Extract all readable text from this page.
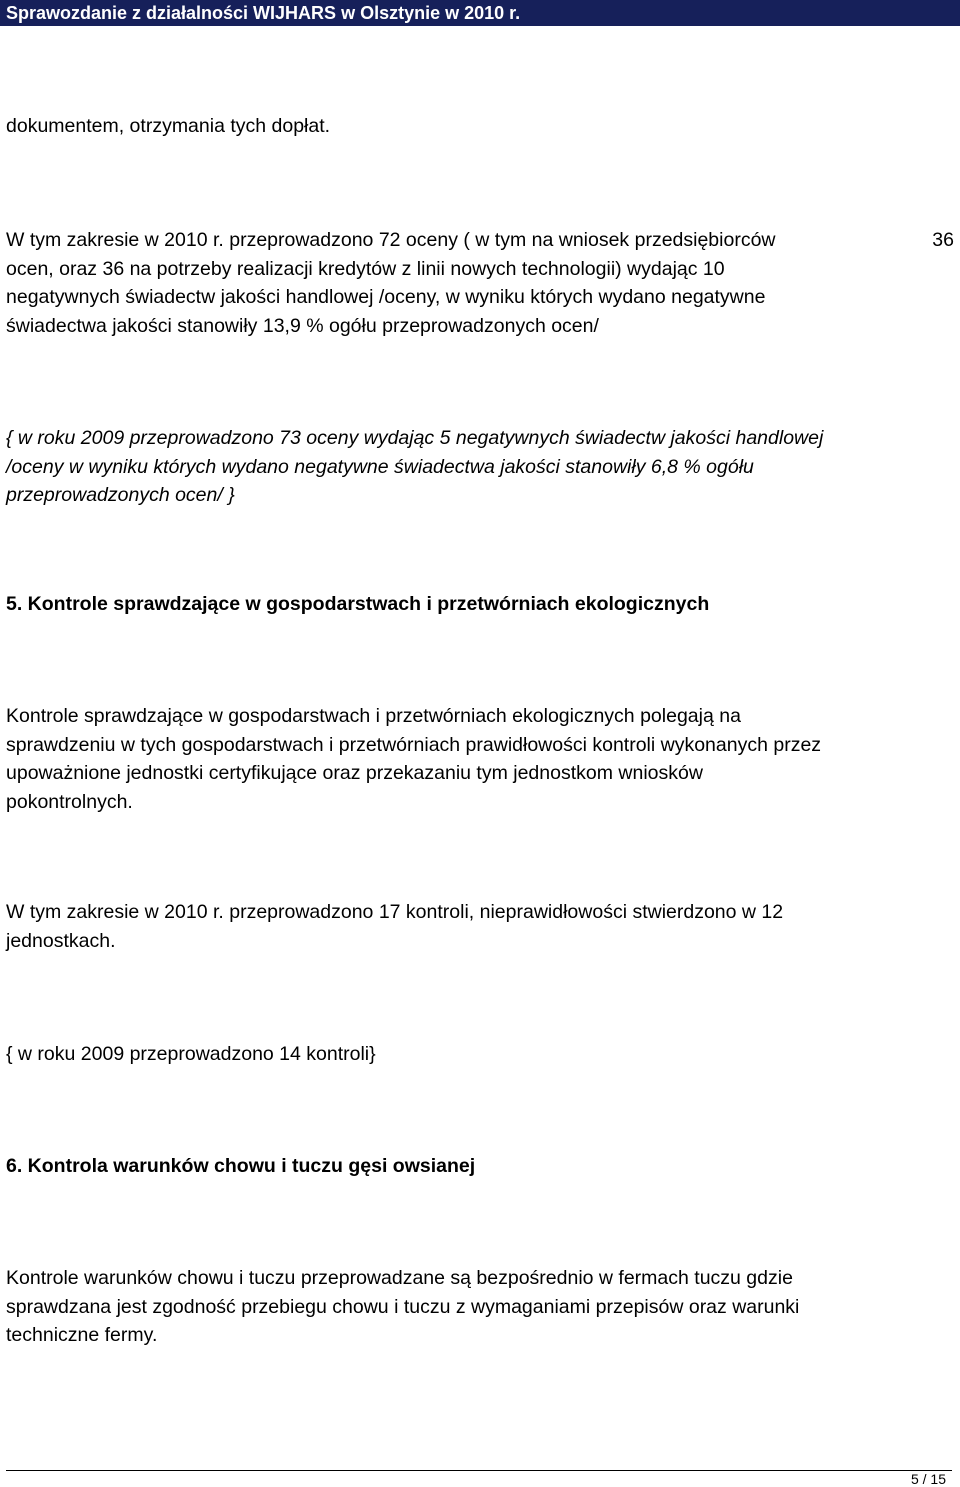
Sprawozdanie z działalności WIJHARS w Olsztynie w 2010 r.

dokumentem, otrzymania tych dopłat.

W tym zakresie w 2010 r. przeprowadzono 72 oceny ( w tym na wniosek przedsiębiorców	36
ocen, oraz 36 na potrzeby realizacji kredytów z linii nowych technologii) wydając 10
negatywnych świadectw jakości handlowej /oceny, w wyniku których wydano negatywne
świadectwa jakości stanowiły 13,9 % ogółu przeprowadzonych ocen/

{ w roku 2009 przeprowadzono 73 oceny wydając 5 negatywnych świadectw jakości handlowej
/oceny w wyniku których wydano negatywne świadectwa jakości stanowiły 6,8 % ogółu
przeprowadzonych ocen/ }

5. Kontrole sprawdzające w gospodarstwach i przetwórniach ekologicznych

Kontrole sprawdzające w gospodarstwach i przetwórniach ekologicznych polegają na
sprawdzeniu w tych gospodarstwach i przetwórniach prawidłowości kontroli wykonanych przez
upoważnione jednostki certyfikujące oraz przekazaniu tym jednostkom wniosków
pokontrolnych.

W tym zakresie w 2010 r. przeprowadzono 17 kontroli, nieprawidłowości stwierdzono w 12
jednostkach.

{ w roku 2009 przeprowadzono 14 kontroli}

6. Kontrola warunków chowu i tuczu gęsi owsianej

Kontrole warunków chowu i tuczu przeprowadzane są bezpośrednio w fermach tuczu gdzie
sprawdzana jest zgodność przebiegu chowu i tuczu z wymaganiami przepisów oraz warunki
techniczne fermy.

5 / 15
